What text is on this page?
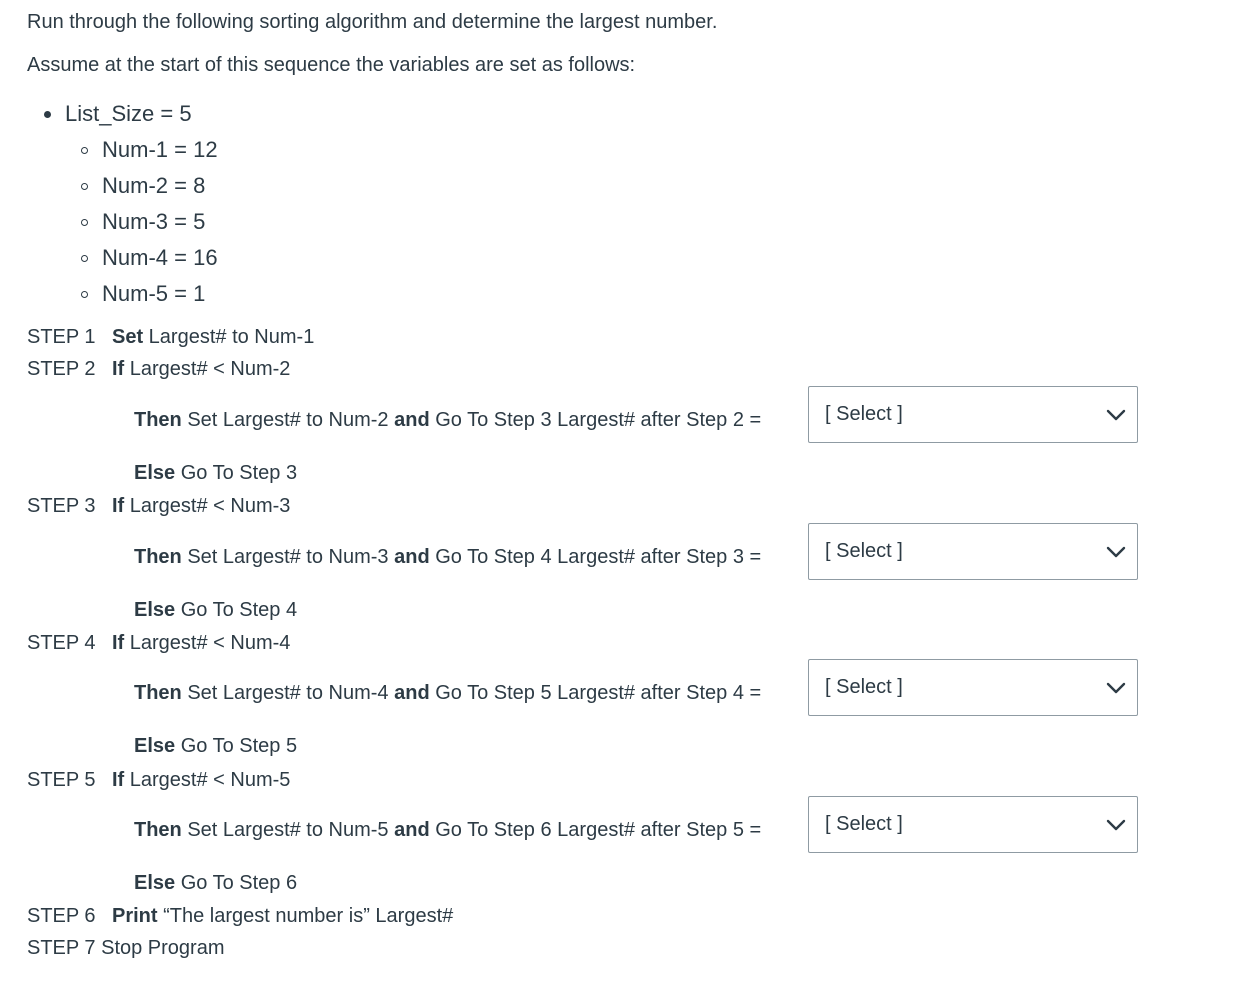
Run through the following sorting algorithm and determine the largest number.
Assume at the start of this sequence the variables are set as follows:
List_Size = 5
Num-1 = 12
Num-2 = 8
Num-3 = 5
Num-4 = 16
Num-5 = 1
STEP 1 Set Largest# to Num-1
STEP 2 If Largest# < Num-2
Then Set Largest# to Num-2 and Go To Step 3 Largest# after Step 2 =	[ Select ]
Else Go To Step 3
STEP 3 If Largest# < Num-3
Then Set Largest# to Num-3 and Go To Step 4 Largest# after Step 3 =	[ Select ]
Else Go To Step 4
STEP 4 If Largest# < Num-4
Then Set Largest# to Num-4 and Go To Step 5 Largest# after Step 4 =	[ Select ]
Else Go To Step 5
STEP 5 If Largest# < Num-5
Then Set Largest# to Num-5 and Go To Step 6 Largest# after Step 5 =	[ Select ]
Else Go To Step 6
STEP 6 Print “The largest number is” Largest#
STEP 7 Stop Program
